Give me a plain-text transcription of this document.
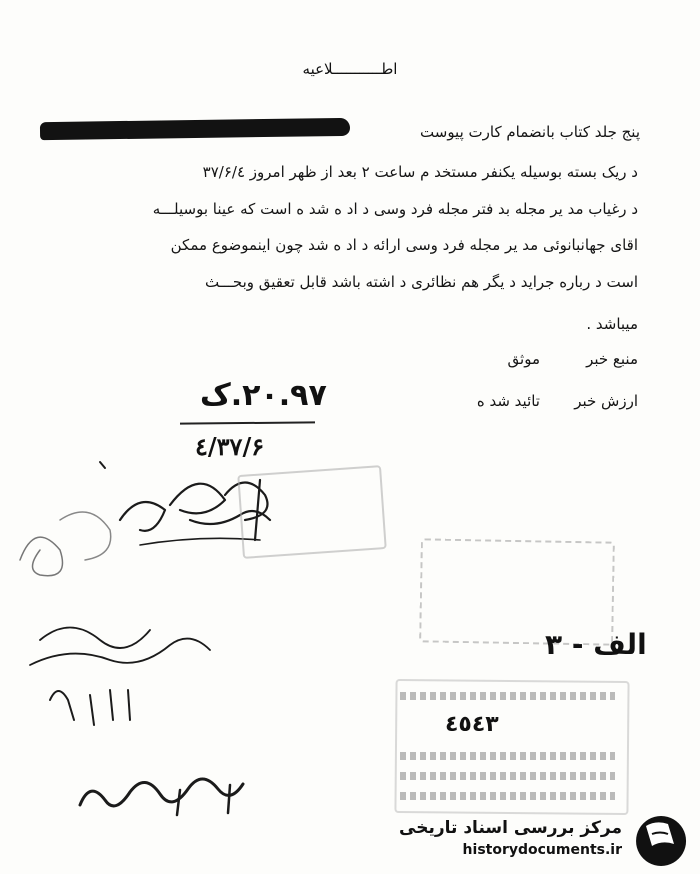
اطـــــــــــلاعیه
پنج جلد کتاب بانضمام کارت پیوست
د ریک بسته بوسیله یکنفر مستخد م ساعت ۲ بعد از ظهر امروز ۳۷/۶/٤
د رغیاب مد یر مجله بد فتر مجله فرد وسی د اد ه شد ه است که عینا بوسیلـــه
اقای جهانبانوئی مد یر مجله فرد وسی ارائه د اد ه شد چون اینموضوع ممکن
است د رباره جراید د یگر هم نظائری د اشته باشد قابل تعقیق وبحـــث
میباشد .
منبع خبر
موثق
ارزش خبر
تائید شد ه
۲۰.۹۷.ک
۳۷/۶/٤
الف - ۳
٤٥٤٣
مرکز بررسی اسناد تاریخی
historydocuments.ir
